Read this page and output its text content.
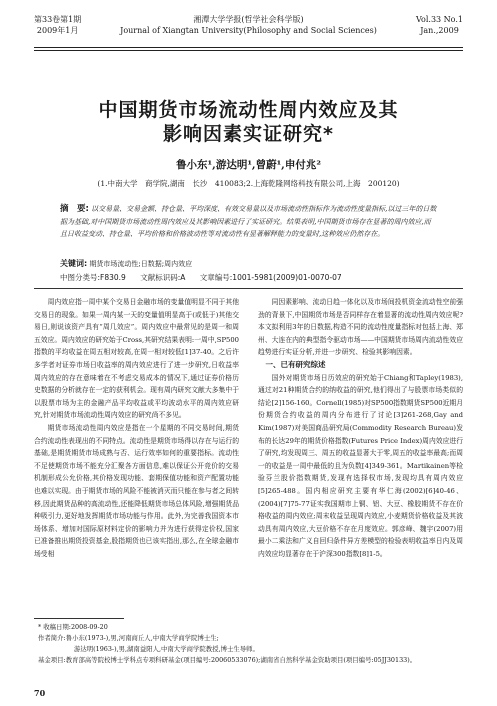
第33卷第1期
2009年1月
湘潭大学学报(哲学社会科学版)
Journal of Xiangtan University(Philosophy and Social Sciences)
Vol.33 No.1
Jan.,2009
中国期货市场流动性周内效应及其
影响因素实证研究*
鲁小东¹,游达明¹,曾蔚¹,申付兆²
(1.中南大学　商学院,湖南　长沙　410083;2.上海乾隆网络科技有限公司,上海　200120)
摘　要: 以交易量、交易金额、持仓量、平均深度、有效交易量以及市场流动性指标作为流动性度量指标,以过三年的日数据为基础,对中国期货市场流动性周内效应及其影响因素进行了实证研究。结果表明,中国期货市场存在显著的周内效应,而且日收益变动、持仓量、平均价格和价格波动性等对流动性有显著解释能力的变量时,这种效应仍然存在。
关键词: 期货市场流动性;日数据;周内效应
中图分类号:F830.9 文献标识码:A 文章编号:1001-5981(2009)01-0070-07

周内效应指一周中某个交易日金融市场的变量值明显不同于其他交易日的现象。如果一周内某一天的变量值明显高于(或低于)其他交易日,则说该资产具有“周几效应”。周内效应中最常见的是周一和周五效应。周内效应的研究始于Cross,其研究结果表明:一周中,SP500指数的平均收益在周五相对较高,在周一相对较低[1]37-40。之后许多学者对证券市场日收益率的周内效应进行了进一步研究,日收益率周内效应的存在意味着在不考虑交易成本的情况下,通过证券价格历史数据的分析就存在一定的获利机会。现有周内研究文献大多集中于以股票市场为主的金融产品平均收益或平均波动水平的周内效应研究,针对期货市场流动性周内效应的研究尚不多见。

期货市场流动性周内效应是指在一个星期的不同交易时间,期货合约流动性表现出的不同特点。流动性是期货市场得以存在与运行的基础,是期货期货市场成熟与否、运行效率如何的重要指标。流动性不足使期货市场不能充分汇聚各方面信息,难以保证公开竞价的交易机制形成公允价格,其价格发现功能、套期保值功能和资产配置功能也难以实现。由于期货市场的风险不能被消灭而只能在参与者之间转移,因此期货品种的高流动性,还能降低期货市场总体风险,增强期货品种吸引力,更好地发挥期货市场功能与作用。此外,为完善我国资本市场体系、增加对国际原材料定价的影响力并为进行获得定价权,国家已准备推出期货投资基金,股指期货也已该实指出,那么,在全球金融市场受相

同因素影响、流动日趋一体化以及市场间投机资金流动性空前强劲的背景下,中国期货市场是否同样存在着显著的流动性周内效应呢?本文拟利用3年的日数据,构造不同的流动性度量指标对包括上海、郑州、大连在内的典型指令驱动市场——中国期货市场周内流动性效应趋势进行实证分析,并进一步研究、检验其影响因素。

一、已有研究综述

国外对期货市场日历效应的研究始于Chiang和Tapley(1983),通过对21种期货合约的纳收益的研究,他们得出了与股票市场类似的结论[2]156-160。Cornell(1985)对SP500指数期货SP500近期月份期货合约收益的周内分布进行了讨论[3]261-268,Gay and Kim(1987)对美国商品研究局(Commodity Research Bureau)发布的长达29年的期货价格指数(Futures Price Index)周内效应进行了研究,均发现周三、周五的收益显著大于零,周五的收益率最高;而周一的收益是一周中最低的且为负数[4]349-361。Martikainen等检验芬兰股价指数期货,发现有选择权市场,发现均具有周内效应[5]265-488。国内相应研究主要有华仁海(2002)[6]40-46、(2004)[7]75-77证实我国期市上铜、铝、大豆、橡胶期货不存在价格收益的周内效应;周末收益呈现周内效应,小麦期货价格收益及其波动具有周内效应,大豆价格不存在月度效应。郭彦峰、魏宇(2007)用最小二乘法和广义自回归条件异方差模型的检验表明收益率日内及周内效应均显著存在于沪深300指数[8]1-5。

* 收稿日期:2008-09-20
作者简介:鲁小东(1973-),男,河南商丘人,中南大学商学院博士生;
游达明(1963-),男,湖南益阳人,中南大学商学院教授,博士生导师。
基金项目:教育部高等院校博士学科点专项科研基金(项目编号:20060533076);湖南省自然科学基金资助项目(项目编号:05JJ30133)。
70
